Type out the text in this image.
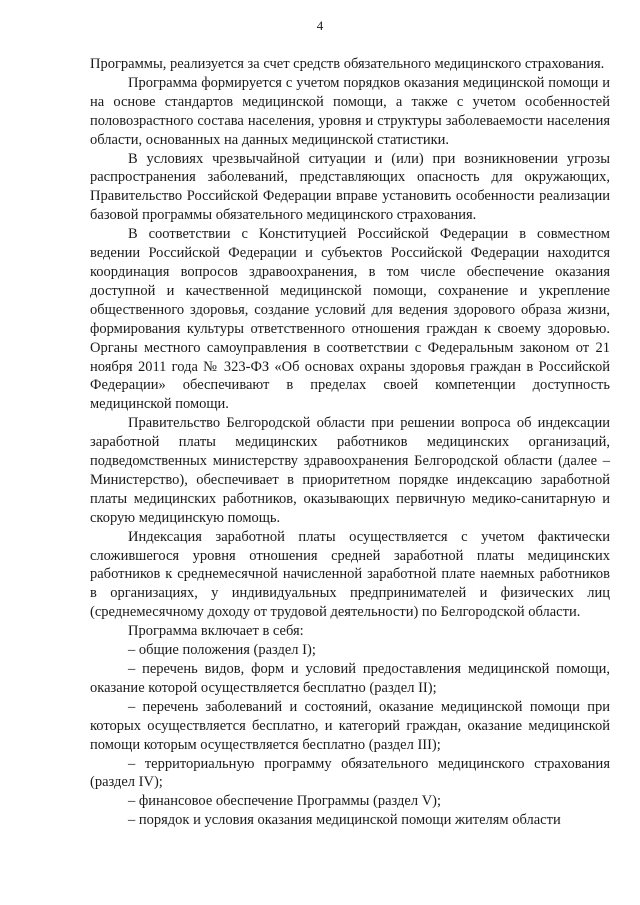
4

Программы, реализуется за счет средств обязательного медицинского страхования.

Программа формируется с учетом порядков оказания медицинской помощи и на основе стандартов медицинской помощи, а также с учетом особенностей половозрастного состава населения, уровня и структуры заболеваемости населения области, основанных на данных медицинской статистики.

В условиях чрезвычайной ситуации и (или) при возникновении угрозы распространения заболеваний, представляющих опасность для окружающих, Правительство Российской Федерации вправе установить особенности реализации базовой программы обязательного медицинского страхования.

В соответствии с Конституцией Российской Федерации в совместном ведении Российской Федерации и субъектов Российской Федерации находится координация вопросов здравоохранения, в том числе обеспечение оказания доступной и качественной медицинской помощи, сохранение и укрепление общественного здоровья, создание условий для ведения здорового образа жизни, формирования культуры ответственного отношения граждан к своему здоровью. Органы местного самоуправления в соответствии с Федеральным законом от 21 ноября 2011 года № 323-ФЗ «Об основах охраны здоровья граждан в Российской Федерации» обеспечивают в пределах своей компетенции доступность медицинской помощи.

Правительство Белгородской области при решении вопроса об индексации заработной платы медицинских работников медицинских организаций, подведомственных министерству здравоохранения Белгородской области (далее – Министерство), обеспечивает в приоритетном порядке индексацию заработной платы медицинских работников, оказывающих первичную медико-санитарную и скорую медицинскую помощь.

Индексация заработной платы осуществляется с учетом фактически сложившегося уровня отношения средней заработной платы медицинских работников к среднемесячной начисленной заработной плате наемных работников в организациях, у индивидуальных предпринимателей и физических лиц (среднемесячному доходу от трудовой деятельности) по Белгородской области.

Программа включает в себя:

– общие положения (раздел I);

– перечень видов, форм и условий предоставления медицинской помощи, оказание которой осуществляется бесплатно (раздел II);

– перечень заболеваний и состояний, оказание медицинской помощи при которых осуществляется бесплатно, и категорий граждан, оказание медицинской помощи которым осуществляется бесплатно (раздел III);

– территориальную программу обязательного медицинского страхования (раздел IV);

– финансовое обеспечение Программы (раздел V);

– порядок и условия оказания медицинской помощи жителям области
